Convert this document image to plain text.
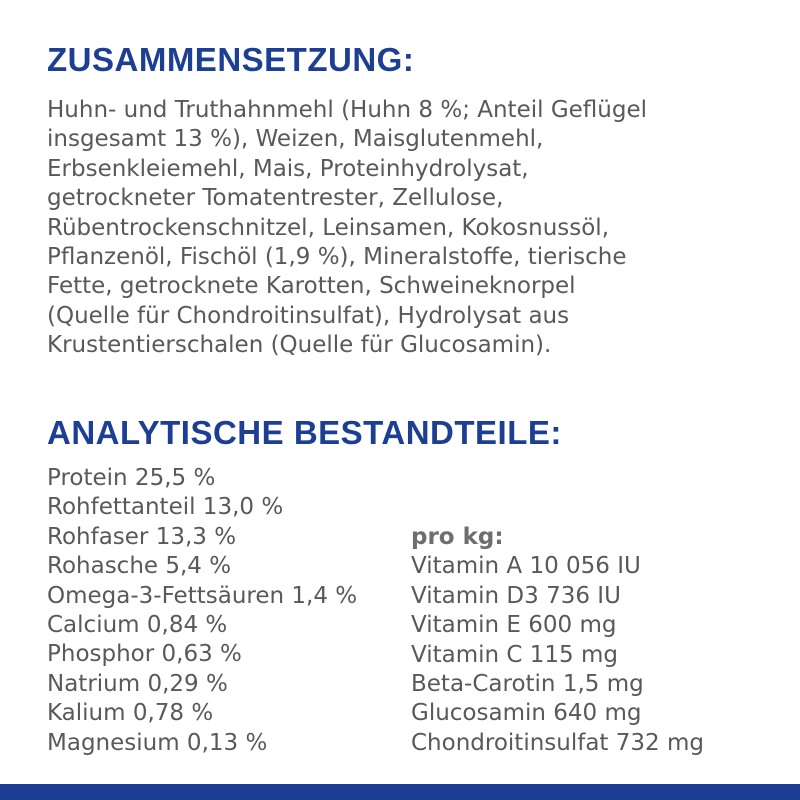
ZUSAMMENSETZUNG:
Huhn- und Truthahnmehl (Huhn 8 %; Anteil Geflügel
insgesamt 13 %), Weizen, Maisglutenmehl,
Erbsenkleiemehl, Mais, Proteinhydrolysat,
getrockneter Tomatentrester, Zellulose,
Rübentrockenschnitzel, Leinsamen, Kokosnussöl,
Pflanzenöl, Fischöl (1,9 %), Mineralstoffe, tierische
Fette, getrocknete Karotten, Schweineknorpel
(Quelle für Chondroitinsulfat), Hydrolysat aus
Krustentierschalen (Quelle für Glucosamin).
ANALYTISCHE BESTANDTEILE:
Protein 25,5 %
Rohfettanteil 13,0 %
Rohfaser 13,3 %
Rohasche 5,4 %
Omega-3-Fettsäuren 1,4 %
Calcium 0,84 %
Phosphor 0,63 %
Natrium 0,29 %
Kalium 0,78 %
Magnesium 0,13 %
pro kg:
Vitamin A 10 056 IU
Vitamin D3 736 IU
Vitamin E 600 mg
Vitamin C 115 mg
Beta-Carotin 1,5 mg
Glucosamin 640 mg
Chondroitinsulfat 732 mg
